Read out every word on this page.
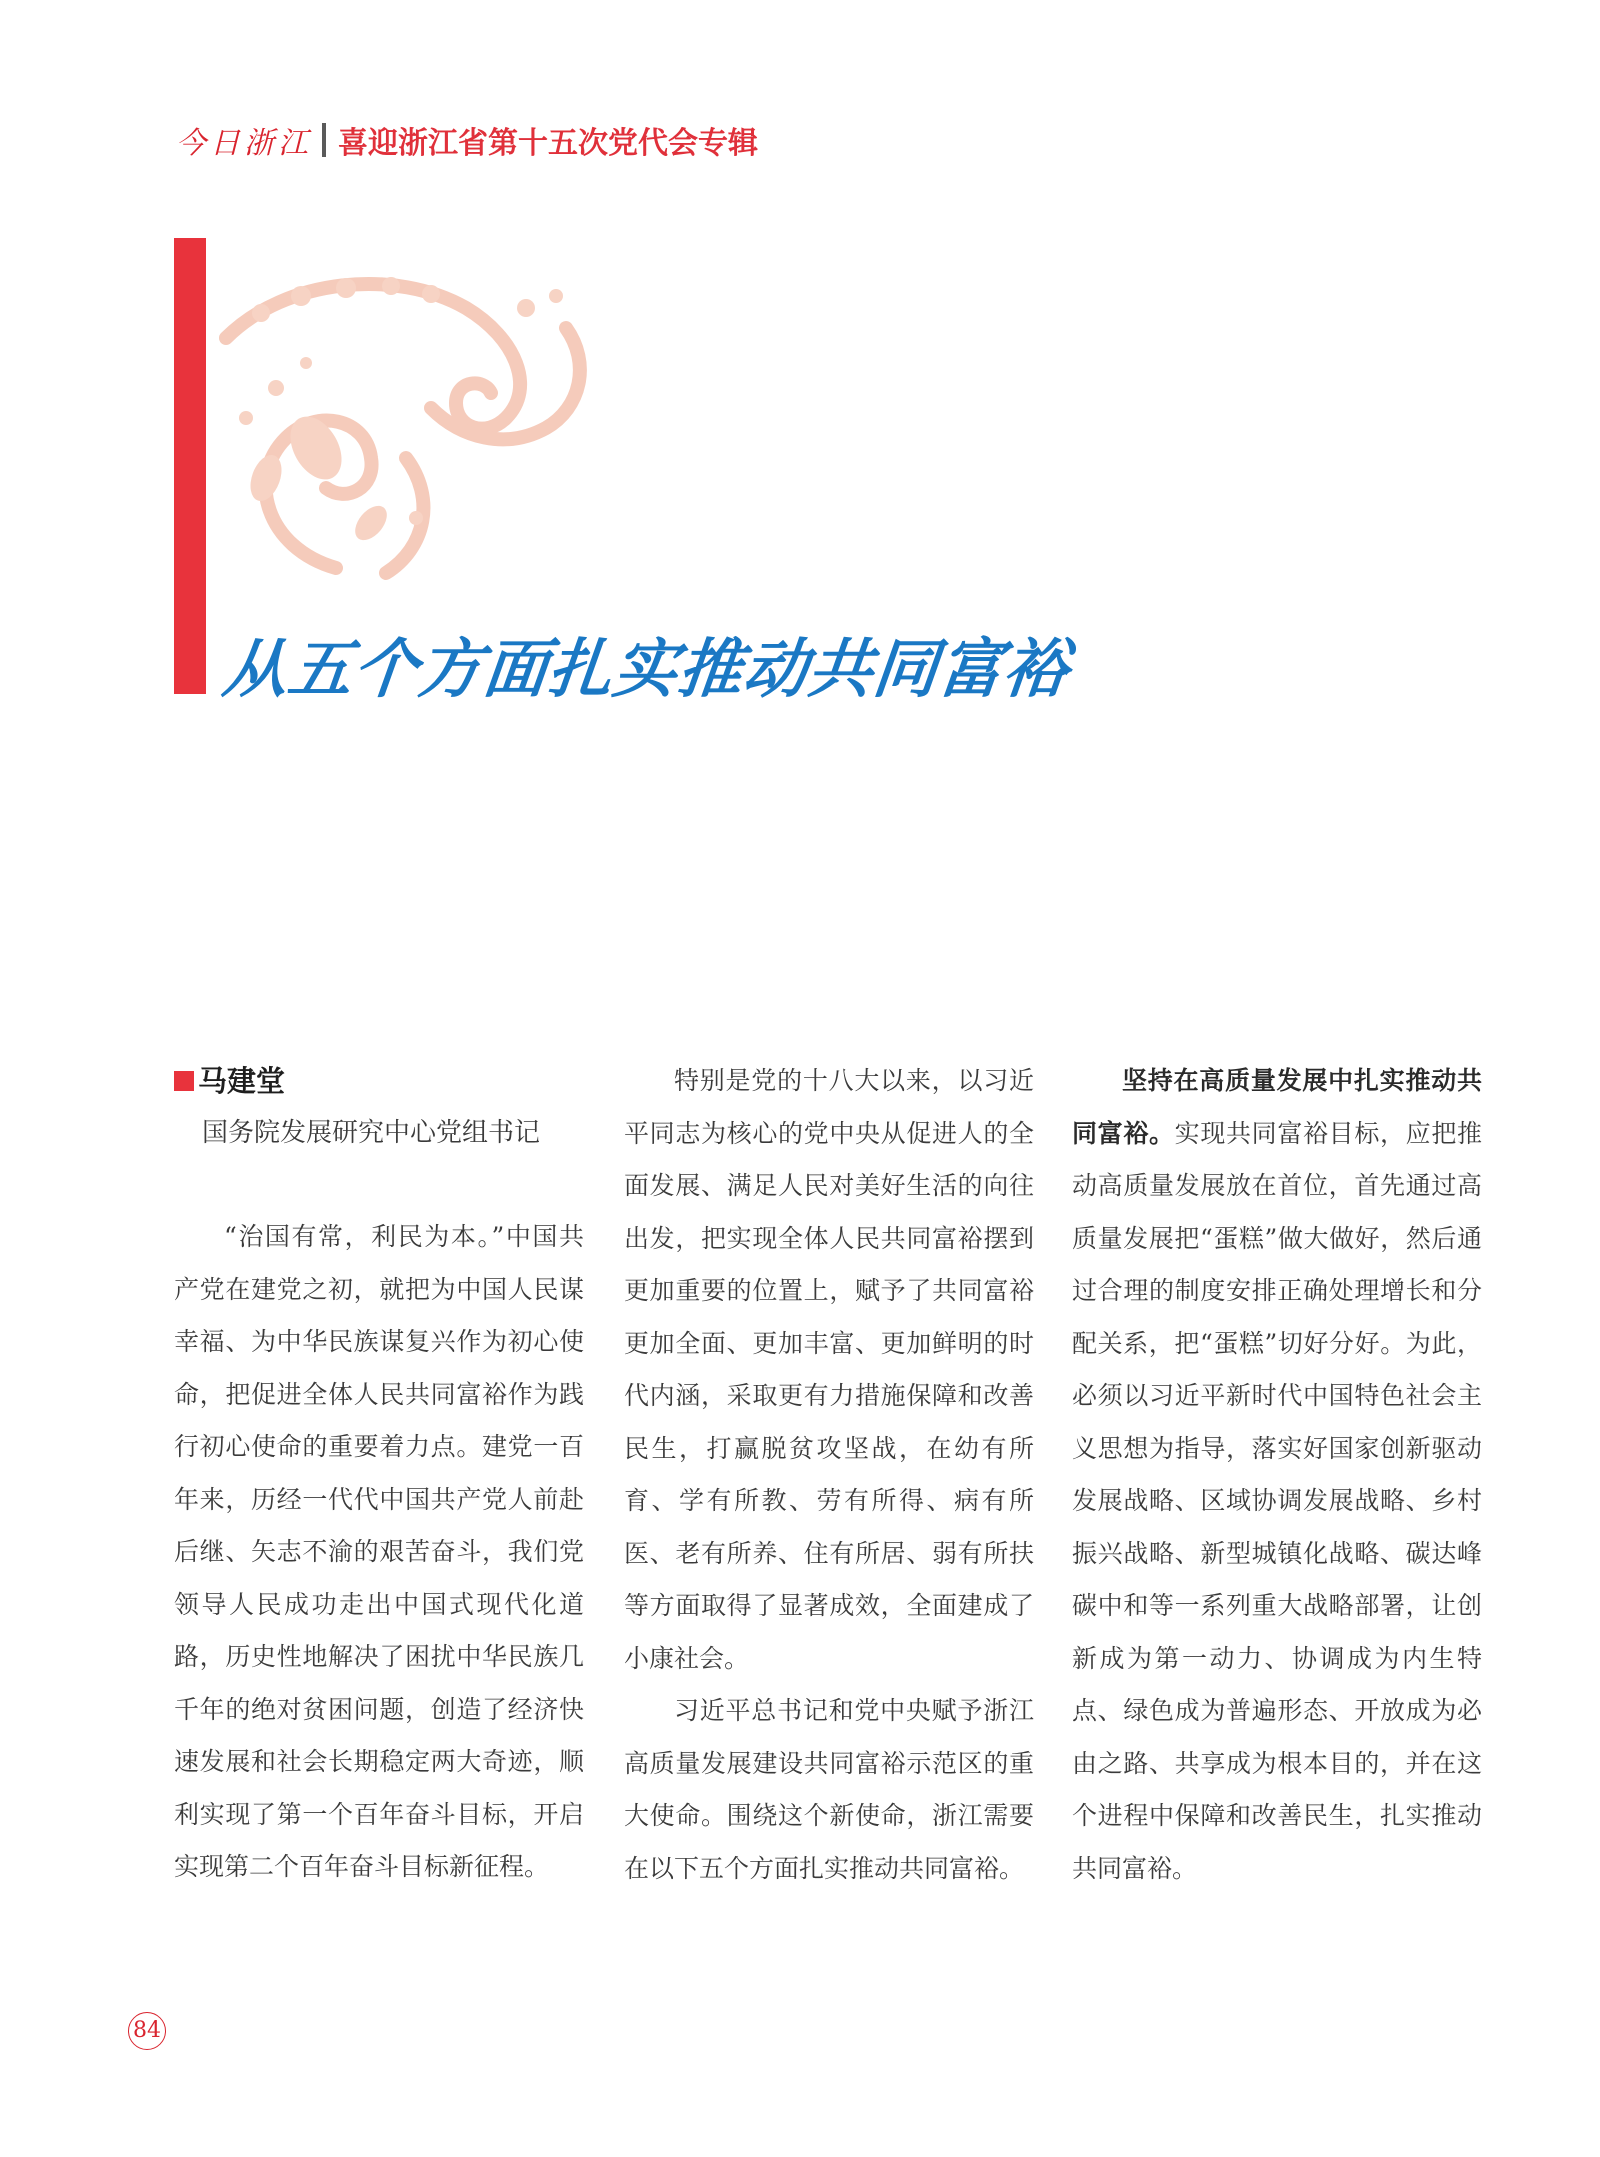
今日浙江 喜迎浙江省第十五次党代会专辑
从五个方面扎实推动共同富裕
马建堂
国务院发展研究中心党组书记

“治国有常，利民为本。”中国共产党在建党之初，就把为中国人民谋幸福、为中华民族谋复兴作为初心使命，把促进全体人民共同富裕作为践行初心使命的重要着力点。建党一百年来，历经一代代中国共产党人前赴后继、矢志不渝的艰苦奋斗，我们党领导人民成功走出中国式现代化道路，历史性地解决了困扰中华民族几千年的绝对贫困问题，创造了经济快速发展和社会长期稳定两大奇迹，顺利实现了第一个百年奋斗目标，开启实现第二个百年奋斗目标新征程。

特别是党的十八大以来，以习近平同志为核心的党中央从促进人的全面发展、满足人民对美好生活的向往出发，把实现全体人民共同富裕摆到更加重要的位置上，赋予了共同富裕更加全面、更加丰富、更加鲜明的时代内涵，采取更有力措施保障和改善民生，打赢脱贫攻坚战，在幼有所育、学有所教、劳有所得、病有所医、老有所养、住有所居、弱有所扶等方面取得了显著成效，全面建成了小康社会。

习近平总书记和党中央赋予浙江高质量发展建设共同富裕示范区的重大使命。围绕这个新使命，浙江需要在以下五个方面扎实推动共同富裕。

坚持在高质量发展中扎实推动共同富裕。实现共同富裕目标，应把推动高质量发展放在首位，首先通过高质量发展把“蛋糕”做大做好，然后通过合理的制度安排正确处理增长和分配关系，把“蛋糕”切好分好。为此，必须以习近平新时代中国特色社会主义思想为指导，落实好国家创新驱动发展战略、区域协调发展战略、乡村振兴战略、新型城镇化战略、碳达峰碳中和等一系列重大战略部署，让创新成为第一动力、协调成为内生特点、绿色成为普遍形态、开放成为必由之路、共享成为根本目的，并在这个进程中保障和改善民生，扎实推动共同富裕。

84
